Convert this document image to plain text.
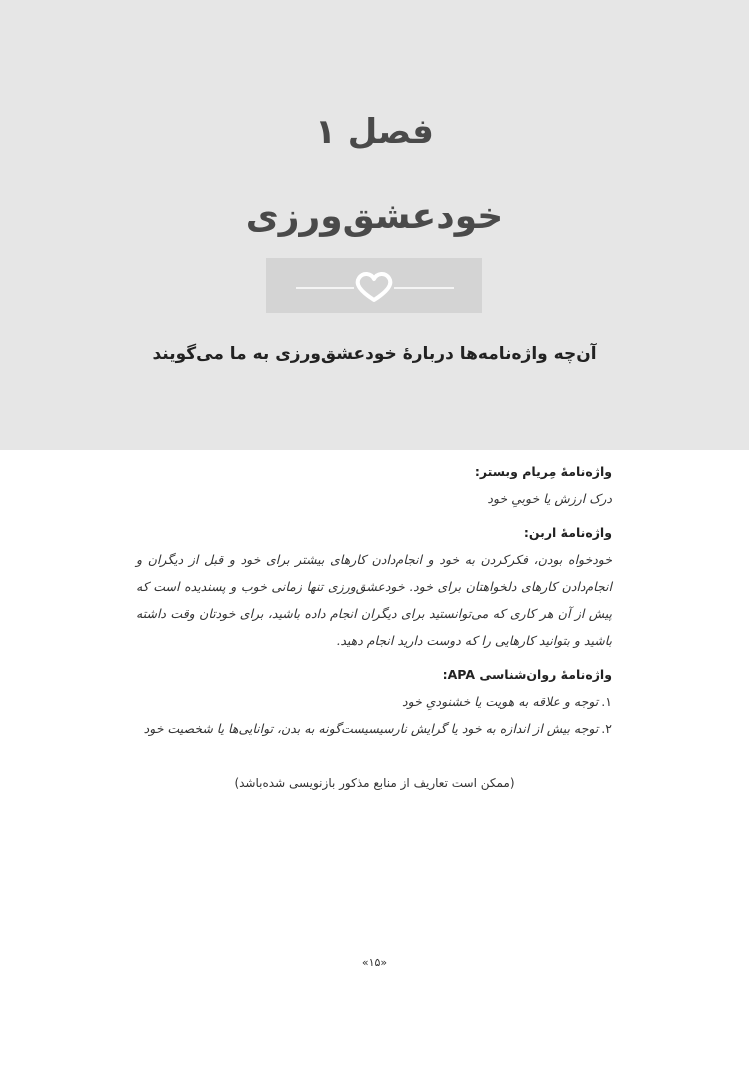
فصل ۱
خودعشق‌ورزی
آن‌چه واژه‌نامه‌ها دربارهٔ خودعشق‌ورزی به ما می‌گویند

واژه‌نامهٔ مِریام وبستر:

درک ارزش یا خوبیِ خود

واژه‌نامهٔ اربن:

خودخواه بودن، فکرکردن به خود و انجام‌دادن کارهای بیشتر برای خود و قبل از دیگران و انجام‌دادن کارهای دلخواهتان برای خود. خودعشق‌ورزی تنها زمانی خوب و پسندیده است که پیش از آن هر کاری که می‌توانستید برای دیگران انجام داده باشید، برای خودتان وقت داشته باشید و بتوانید کارهایی را که دوست دارید انجام دهید.

واژه‌نامهٔ روان‌شناسی APA:

۱.توجه و علاقه به هویت یا خشنودیِ خود
۲.توجه بیش از اندازه به خود یا گرایش نارسیسیست‌گونه به بدن، توانایی‌ها یا شخصیت خود
(ممکن است تعاریف از منابع مذکور بازنویسی شده‌باشد)
«۱۵»
